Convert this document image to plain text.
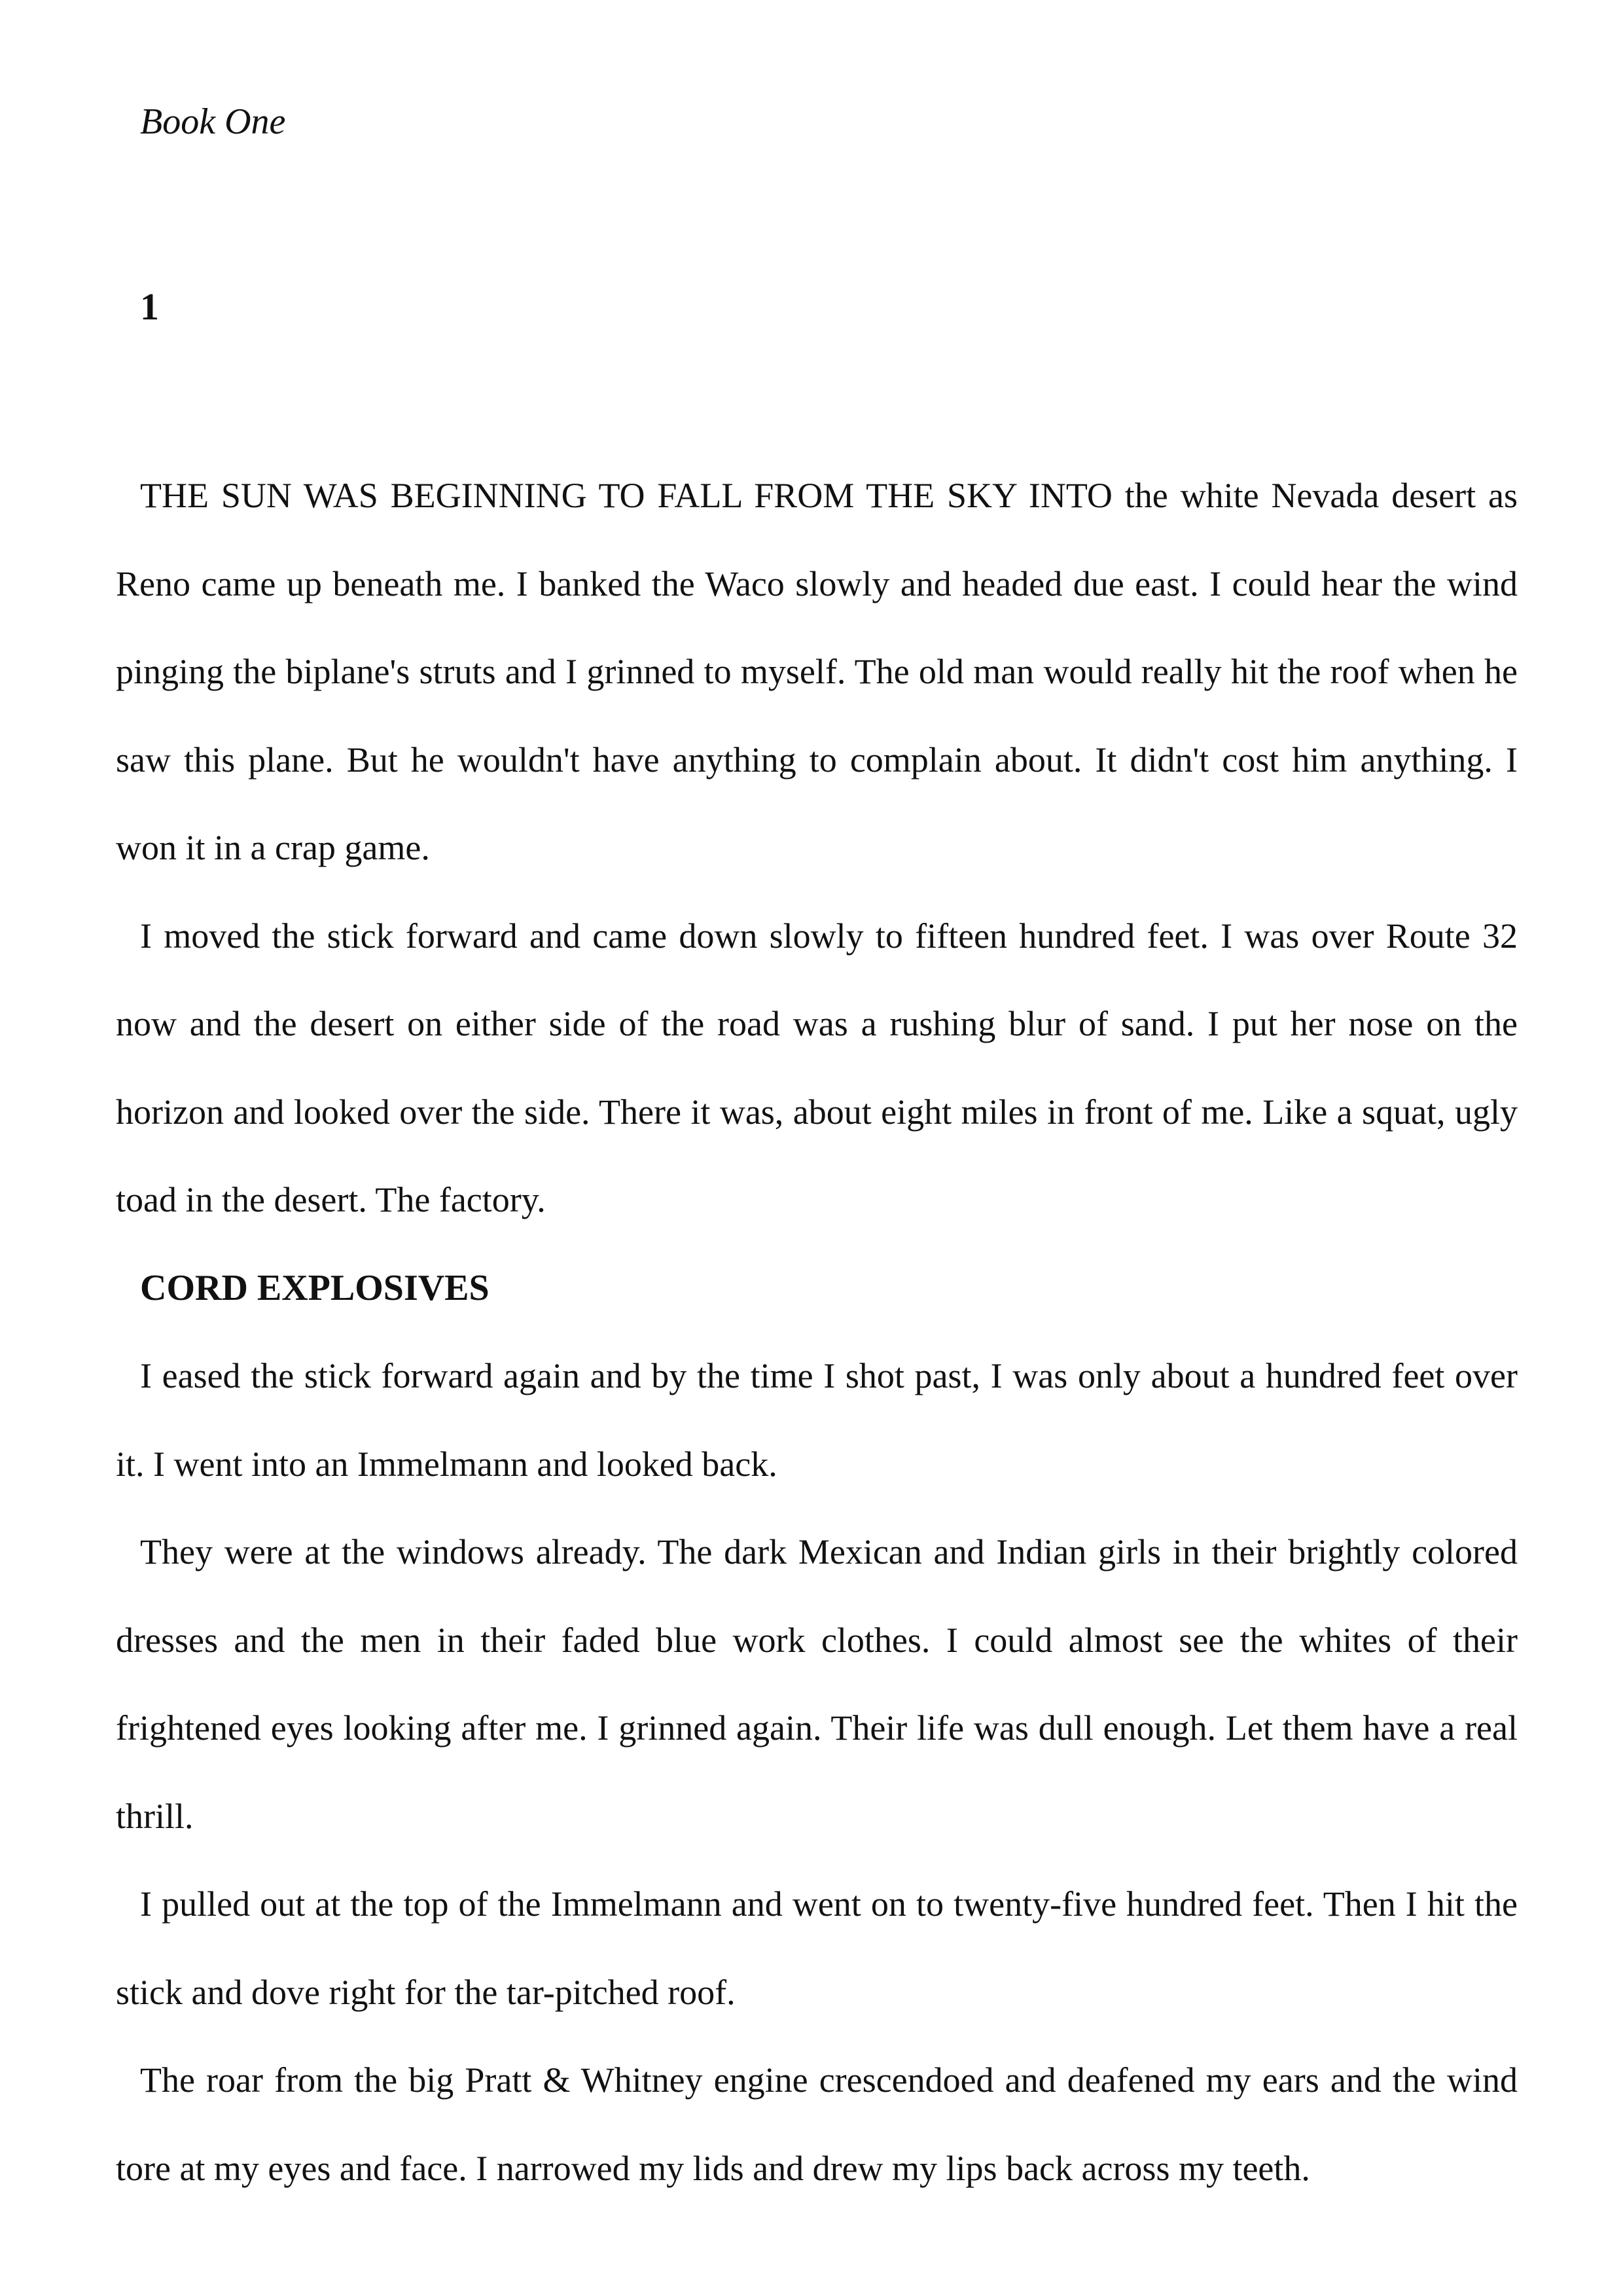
Book One
1

THE SUN WAS BEGINNING TO FALL FROM THE SKY INTO the white Nevada desert as Reno came up beneath me. I banked the Waco slowly and headed due east. I could hear the wind pinging the biplane's struts and I grinned to myself. The old man would really hit the roof when he saw this plane. But he wouldn't have anything to complain about. It didn't cost him anything. I won it in a crap game.

I moved the stick forward and came down slowly to fifteen hundred feet. I was over Route 32 now and the desert on either side of the road was a rushing blur of sand. I put her nose on the horizon and looked over the side. There it was, about eight miles in front of me. Like a squat, ugly toad in the desert. The factory.

CORD EXPLOSIVES

I eased the stick forward again and by the time I shot past, I was only about a hundred feet over it. I went into an Immelmann and looked back.

They were at the windows already. The dark Mexican and Indian girls in their brightly colored dresses and the men in their faded blue work clothes. I could almost see the whites of their frightened eyes looking after me. I grinned again. Their life was dull enough. Let them have a real thrill.

I pulled out at the top of the Immelmann and went on to twenty-five hundred feet. Then I hit the stick and dove right for the tar-pitched roof.

The roar from the big Pratt & Whitney engine crescendoed and deafened my ears and the wind tore at my eyes and face. I narrowed my lids and drew my lips back across my teeth.
